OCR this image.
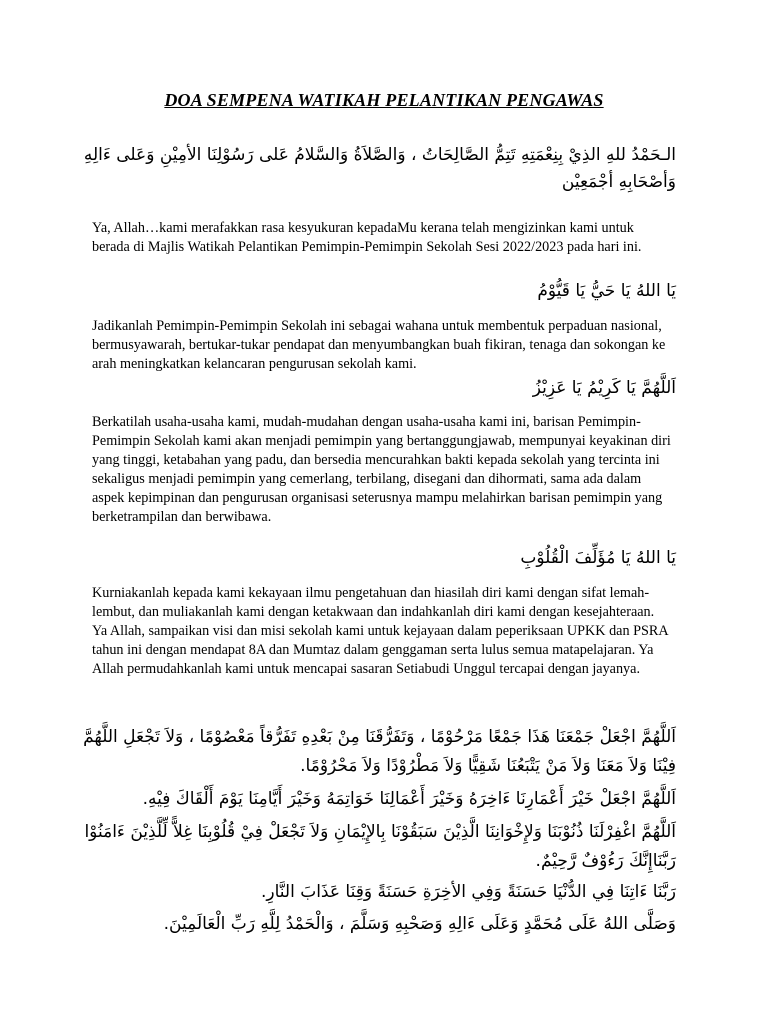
DOA SEMPENA WATIKAH PELANTIKAN PENGAWAS
الـحَمْدُ للهِ الذِيْ بِنِعْمَتِهِ تَتِمُّ الصَّالِحَاتُ ، وَالصَّلاَةُ وَالسَّلامُ عَلى رَسُوْلِنَا الأمِيْنِ وَعَلى ءَالِهِ وَأصْحَابِهِ أجْمَعِيْن
Ya, Allah…kami merafakkan rasa kesyukuran kepadaMu kerana telah mengizinkan kami untuk berada di Majlis Watikah Pelantikan Pemimpin-Pemimpin Sekolah Sesi 2022/2023 pada hari ini.
يَا اللهُ يَا حَيُّ يَا قَيُّوْمُ
Jadikanlah Pemimpin-Pemimpin Sekolah ini sebagai wahana untuk membentuk perpaduan nasional, bermusyawarah, bertukar-tukar pendapat dan menyumbangkan buah fikiran, tenaga dan sokongan ke arah meningkatkan kelancaran pengurusan sekolah kami.
اَللَّهُمَّ يَا كَرِيْمُ يَا عَزِيْزُ
Berkatilah usaha-usaha kami, mudah-mudahan dengan usaha-usaha kami ini, barisan Pemimpin-Pemimpin Sekolah kami akan menjadi pemimpin yang bertanggungjawab, mempunyai keyakinan diri yang tinggi, ketabahan yang padu, dan bersedia mencurahkan bakti kepada sekolah yang tercinta ini sekaligus menjadi pemimpin yang cemerlang, terbilang, disegani dan dihormati, sama ada dalam aspek kepimpinan dan pengurusan organisasi seterusnya mampu melahirkan barisan pemimpin yang berketrampilan dan berwibawa.
يَا اللهُ يَا مُؤَلِّفَ الْقُلُوْبِ
Kurniakanlah kepada kami kekayaan ilmu pengetahuan dan hiasilah diri kami dengan sifat lemah-lembut, dan muliakanlah kami dengan ketakwaan dan indahkanlah diri kami dengan kesejahteraan. Ya Allah, sampaikan visi dan misi sekolah kami untuk kejayaan dalam peperiksaan UPKK dan PSRA tahun ini dengan mendapat 8A dan Mumtaz dalam genggaman serta lulus semua matapelajaran. Ya Allah permudahkanlah kami untuk mencapai sasaran Setiabudi Unggul tercapai dengan jayanya.
اَللَّهُمَّ اجْعَلْ جَمْعَنَا هَذَا جَمْعًا مَرْحُوْمًا ، وَتَفَرُّقَنَا مِنْ بَعْدِهِ تَفَرُّقاً مَعْصُوْمًا ، وَلاَ تَجْعَلِ اللَّهُمَّ فِيْنَا وَلاَ مَعَنَا وَلاَ مَنْ يَتْبَعُنَا شَقِيًّا وَلاَ مَطْرُوْدًا وَلاَ مَحْرُوْمًا.
اَللَّهُمَّ اجْعَلْ خَيْرَ أَعْمَارِنَا ءَاخِرَهُ وَخَيْرَ أَعْمَالِنَا خَوَاتِمَهُ وَخَيْرَ أَيَّامِنَا يَوْمَ أَلْقَاكَ فِيْهِ.
اَللَّهُمَّ اغْفِرْلَنَا ذُنُوْبَنَا وَلإِخْوَانِنَا الَّذِيْنَ سَبَقُوْنَا بِالإِيْمَانِ وَلاَ تَجْعَلْ فِيْ قُلُوْبِنَا غِلاًّ لِّلَّذِيْنَ ءَامَنُوْا رَبَّنَاإِنَّكَ رَءُوْفٌ رَّحِيْمٌ.
رَبَّنَا ءَاتِنَا فِي الدُّنْيَا حَسَنَةً وَفِي الأخِرَةِ حَسَنَةً وَقِنَا عَذَابَ النَّارِ.
وَصَلَّى اللهُ عَلَى مُحَمَّدٍ وَعَلَى ءَالِهِ وَصَحْبِهِ وَسَلَّمَ ، وَالْحَمْدُ لِلَّهِ رَبِّ الْعَالَمِيْنَ.
